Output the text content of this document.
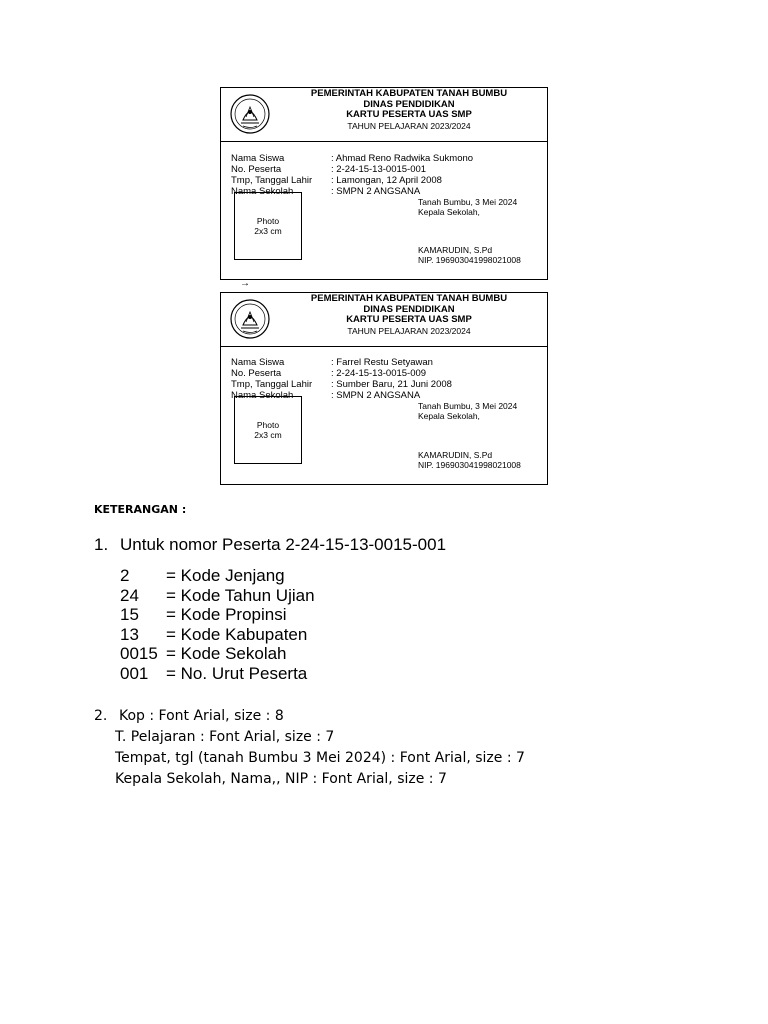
PEMERINTAH KABUPATEN TANAH BUMBU
DINAS PENDIDIKAN
KARTU PESERTA UAS SMP
TAHUN PELAJARAN 2023/2024
Nama Siswa	: Ahmad Reno Radwika Sukmono
No. Peserta	: 2-24-15-13-0015-001
Tmp, Tanggal Lahir : Lamongan, 12 April 2008
Nama Sekolah	: SMPN 2 ANGSANA
Tanah Bumbu, 3 Mei 2024
Kepala Sekolah,
KAMARUDIN, S.Pd
NIP. 196903041998021008
Photo
2x3 cm
→
PEMERINTAH KABUPATEN TANAH BUMBU
DINAS PENDIDIKAN
KARTU PESERTA UAS SMP
TAHUN PELAJARAN 2023/2024
Nama Siswa	: Farrel Restu Setyawan
No. Peserta	: 2-24-15-13-0015-009
Tmp, Tanggal Lahir : Sumber Baru, 21 Juni 2008
Nama Sekolah	: SMPN 2 ANGSANA
Tanah Bumbu, 3 Mei 2024
Kepala Sekolah,
KAMARUDIN, S.Pd
NIP. 196903041998021008
Photo
2x3 cm
KETERANGAN :
1. Untuk nomor Peserta 2-24-15-13-0015-001
2 = Kode Jenjang
24 = Kode Tahun Ujian
15 = Kode Propinsi
13 = Kode Kabupaten
0015 = Kode Sekolah
001 = No. Urut Peserta
2. Kop : Font Arial, size : 8
T. Pelajaran : Font Arial, size : 7
Tempat, tgl (tanah Bumbu 3 Mei 2024) : Font Arial, size : 7
Kepala Sekolah, Nama,, NIP : Font Arial, size : 7
